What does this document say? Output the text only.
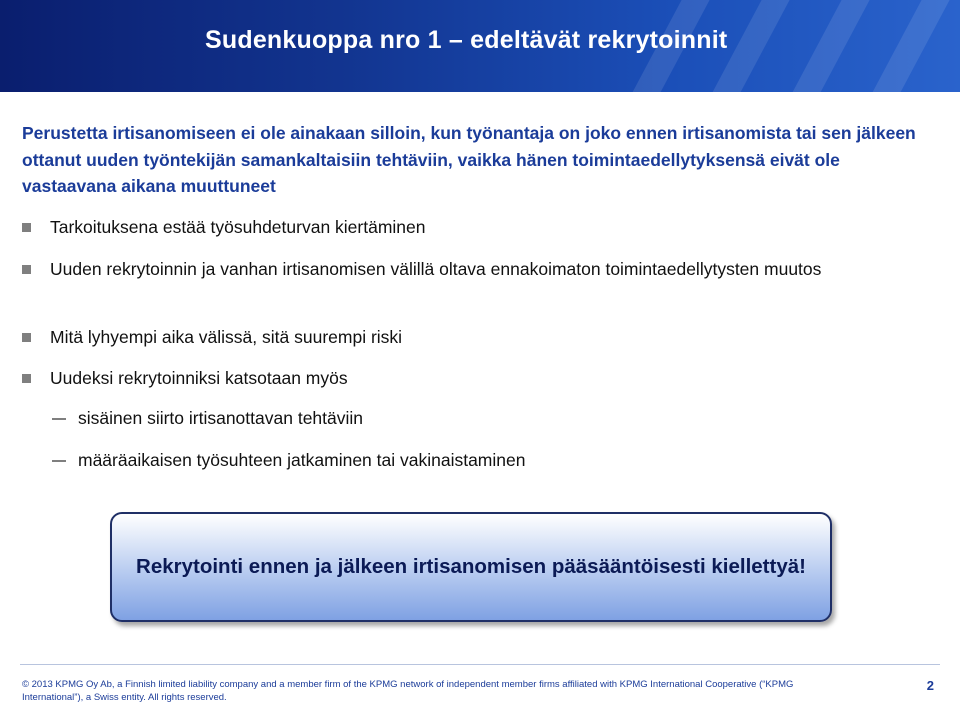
Sudenkuoppa nro 1 – edeltävät rekrytoinnit
Perustetta irtisanomiseen ei ole ainakaan silloin, kun työnantaja on joko ennen irtisanomista tai sen jälkeen ottanut uuden työntekijän samankaltaisiin tehtäviin, vaikka hänen toimintaedellytyksensä eivät ole vastaavana aikana muuttuneet
Tarkoituksena estää työsuhdeturvan kiertäminen
Uuden rekrytoinnin ja vanhan irtisanomisen välillä oltava ennakoimaton toimintaedellytysten muutos
Mitä lyhyempi aika välissä, sitä suurempi riski
Uudeksi rekrytoinniksi katsotaan myös
sisäinen siirto irtisanottavan tehtäviin
määräaikaisen työsuhteen jatkaminen tai vakinaistaminen
Rekrytointi ennen ja jälkeen irtisanomisen pääsääntöisesti kiellettyä!
© 2013 KPMG Oy Ab, a Finnish limited liability company and a member firm of the KPMG network of independent member firms affiliated with KPMG International Cooperative (“KPMG International”), a Swiss entity. All rights reserved.
2
